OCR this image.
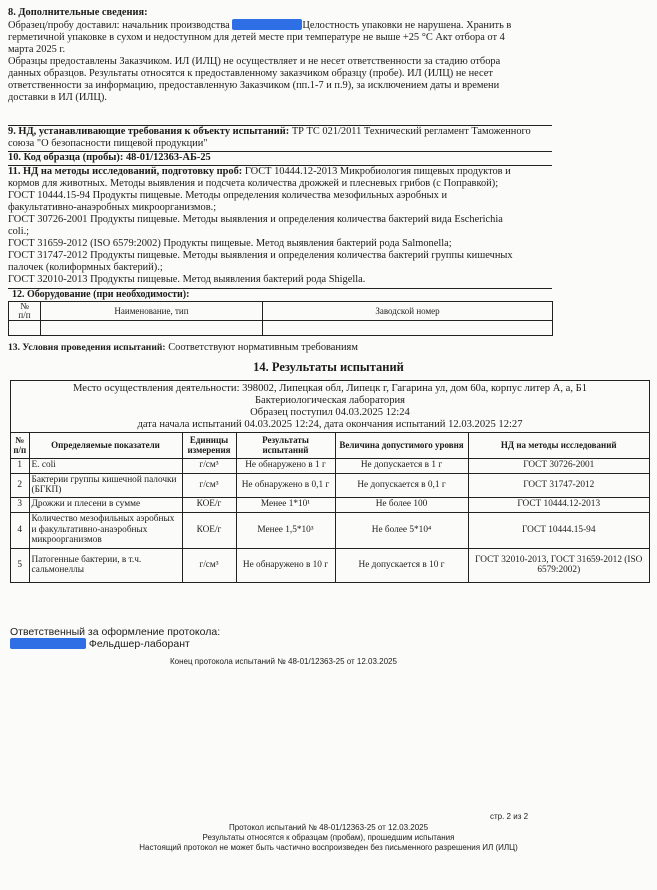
8. Дополнительные сведения:

Образец/пробу доставил: начальник производства	Целостность упаковки не нарушена. Хранить в

герметичной упаковке в сухом и недоступном для детей месте при температуре не выше +25 °С Акт отбора от 4

марта 2025 г.

Образцы предоставлены Заказчиком. ИЛ (ИЛЦ) не осуществляет и не несет ответственности за стадию отбора

данных образцов. Результаты относятся к предоставленному заказчиком образцу (пробе). ИЛ (ИЛЦ) не несет

ответственности за информацию, предоставленную Заказчиком (пп.1-7 и п.9), за исключением даты и времени

доставки в ИЛ (ИЛЦ).

9. НД, устанавливающие требования к объекту испытаний: ТР ТС 021/2011 Технический регламент Таможенного

союза "О безопасности пищевой продукции"

10. Код образца (пробы): 48-01/12363-АБ-25

11. НД на методы исследований, подготовку проб: ГОСТ 10444.12-2013 Микробиология пищевых продуктов и

кормов для животных. Методы выявления и подсчета количества дрожжей и плесневых грибов (с Поправкой);

ГОСТ 10444.15-94 Продукты пищевые. Методы определения количества мезофильных аэробных и

факультативно-анаэробных микроорганизмов.;

ГОСТ 30726-2001 Продукты пищевые. Методы выявления и определения количества бактерий вида Escherichia

coli.;

ГОСТ 31659-2012 (ISO 6579:2002) Продукты пищевые. Метод выявления бактерий рода Salmonella;

ГОСТ 31747-2012 Продукты пищевые. Методы выявления и определения количества бактерий группы кишечных

палочек (колиформных бактерий).;

ГОСТ 32010-2013 Продукты пищевые. Метод выявления бактерий рода Shigella.

12. Оборудование (при необходимости):
№
п/п	Наименование, тип	Заводской номер

13. Условия проведения испытаний: Соответствуют нормативным требованиям

14. Результаты испытаний
Место осуществления деятельности: 398002, Липецкая обл, Липецк г, Гагарина ул, дом 60а, корпус литер А, а, Б1
Бактериологическая лаборатория
Образец поступил 04.03.2025 12:24
дата начала испытаний 04.03.2025 12:24, дата окончания испытаний 12.03.2025 12:27
№ п/п	Определяемые показатели	Единицы измерения	Результаты испытаний	Величина допустимого уровня	НД на методы исследований
1	E. coli	г/см³	Не обнаружено в 1 г	Не допускается в 1 г	ГОСТ 30726-2001
2	Бактерии группы кишечной палочки (БГКП)	г/см³	Не обнаружено в 0,1 г	Не допускается в 0,1 г	ГОСТ 31747-2012
3	Дрожжи и плесени в сумме	КОЕ/г	Менее 1*10¹	Не более 100	ГОСТ 10444.12-2013
4	Количество мезофильных аэробных и факультативно-анаэробных микроорганизмов	КОЕ/г	Менее 1,5*10³	Не более 5*10⁴	ГОСТ 10444.15-94
5	Патогенные бактерии, в т.ч. сальмонеллы	г/см³	Не обнаружено в 10 г	Не допускается в 10 г	ГОСТ 32010-2013, ГОСТ 31659-2012 (ISO 6579:2002)
Ответственный за оформление протокола:
Фельдшер-лаборант
Конец протокола испытаний № 48-01/12363-25 от 12.03.2025
стр. 2 из 2
Протокол испытаний № 48-01/12363-25 от 12.03.2025
Результаты относятся к образцам (пробам), прошедшим испытания
Настоящий протокол не может быть частично воспроизведен без письменного разрешения ИЛ (ИЛЦ)
